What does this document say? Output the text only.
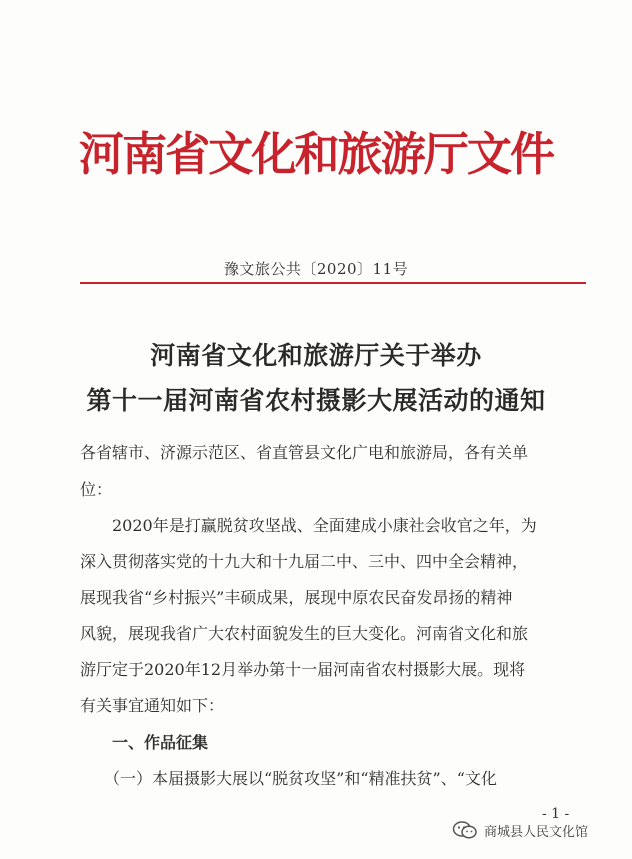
河南省文化和旅游厅文件
豫文旅公共〔2020〕11号
河南省文化和旅游厅关于举办
第十一届河南省农村摄影大展活动的通知
各省辖市、济源示范区、省直管县文化广电和旅游局，各有关单
位：
　　2020年是打赢脱贫攻坚战、全面建成小康社会收官之年，为
深入贯彻落实党的十九大和十九届二中、三中、四中全会精神，
展现我省“乡村振兴”丰硕成果，展现中原农民奋发昂扬的精神
风貌，展现我省广大农村面貌发生的巨大变化。河南省文化和旅
游厅定于2020年12月举办第十一届河南省农村摄影大展。现将
有关事宜通知如下：
　　一、作品征集
　　（一）本届摄影大展以“脱贫攻坚”和“精准扶贫”、“文化
- 1 -
商城县人民文化馆
